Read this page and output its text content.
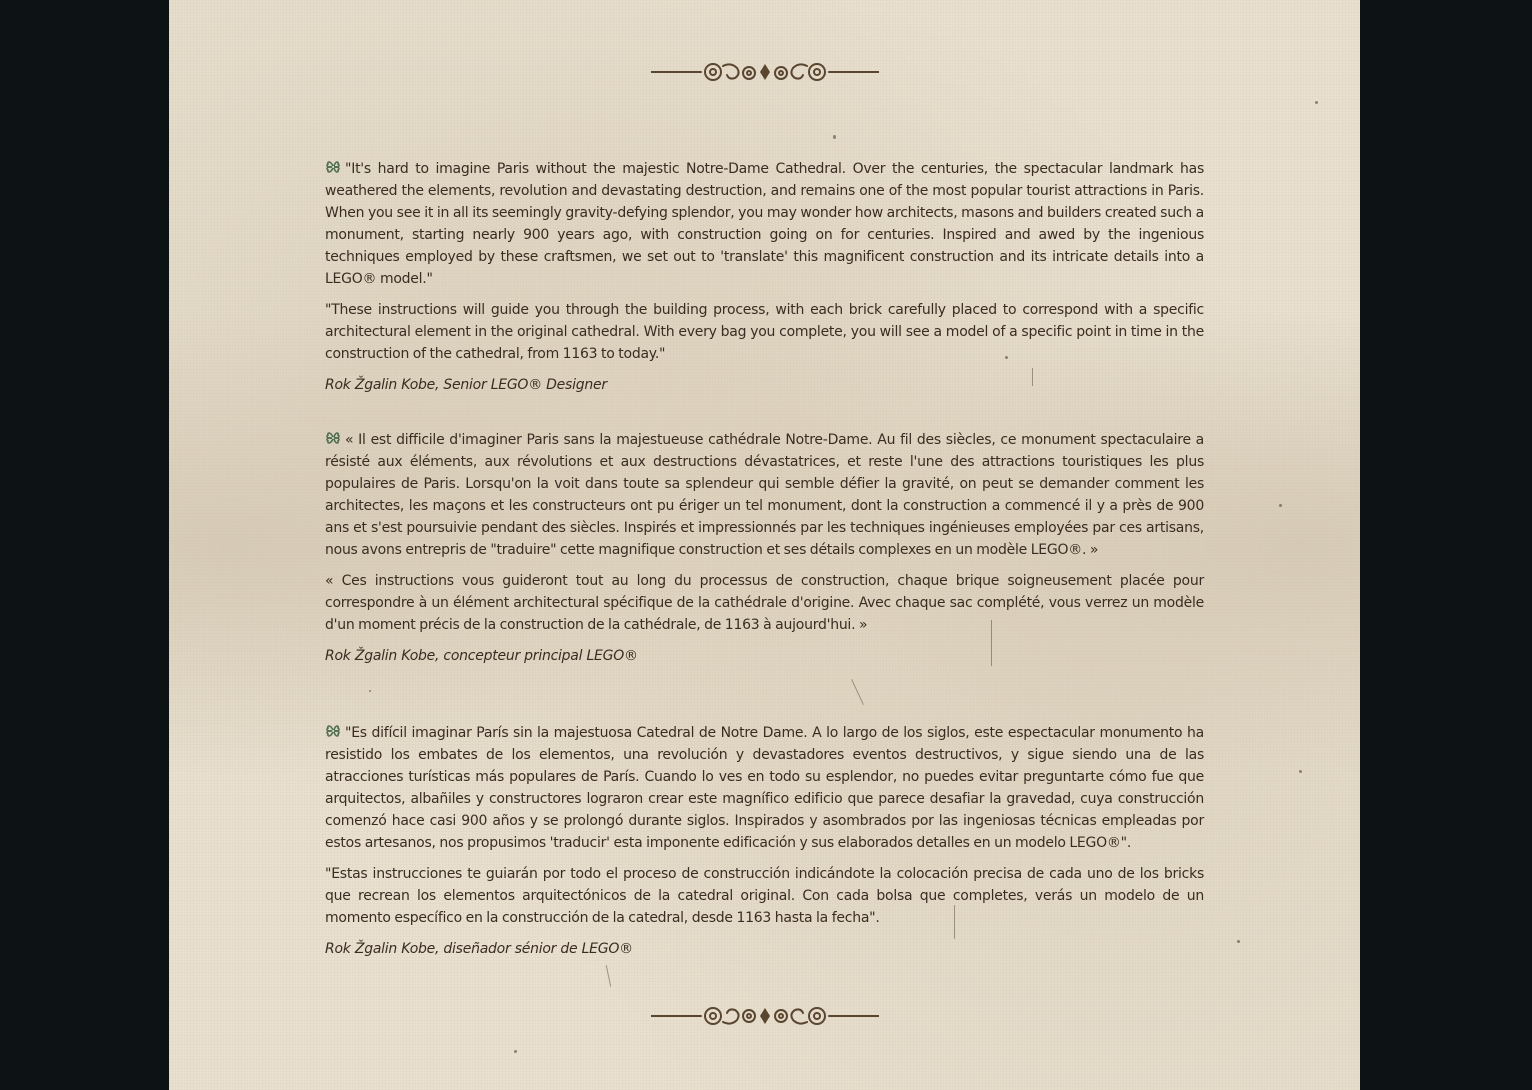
"It's hard to imagine Paris without the majestic Notre-Dame Cathedral. Over the centuries, the spectacular landmark has weathered the elements, revolution and devastating destruction, and remains one of the most popular tourist attractions in Paris. When you see it in all its seemingly gravity-defying splendor, you may wonder how architects, masons and builders created such a monument, starting nearly 900 years ago, with construction going on for centuries. Inspired and awed by the ingenious techniques employed by these craftsmen, we set out to 'translate' this magnificent construction and its intricate details into a LEGO® model."

"These instructions will guide you through the building process, with each brick carefully placed to correspond with a specific architectural element in the original cathedral. With every bag you complete, you will see a model of a specific point in time in the construction of the cathedral, from 1163 to today."

Rok Žgalin Kobe, Senior LEGO® Designer

« Il est difficile d'imaginer Paris sans la majestueuse cathédrale Notre-Dame. Au fil des siècles, ce monument spectaculaire a résisté aux éléments, aux révolutions et aux destructions dévastatrices, et reste l'une des attractions touristiques les plus populaires de Paris. Lorsqu'on la voit dans toute sa splendeur qui semble défier la gravité, on peut se demander comment les architectes, les maçons et les constructeurs ont pu ériger un tel monument, dont la construction a commencé il y a près de 900 ans et s'est poursuivie pendant des siècles. Inspirés et impressionnés par les techniques ingénieuses employées par ces artisans, nous avons entrepris de "traduire" cette magnifique construction et ses détails complexes en un modèle LEGO®. »

« Ces instructions vous guideront tout au long du processus de construction, chaque brique soigneusement placée pour correspondre à un élément architectural spécifique de la cathédrale d'origine. Avec chaque sac complété, vous verrez un modèle d'un moment précis de la construction de la cathédrale, de 1163 à aujourd'hui. »

Rok Žgalin Kobe, concepteur principal LEGO®

"Es difícil imaginar París sin la majestuosa Catedral de Notre Dame. A lo largo de los siglos, este espectacular monumento ha resistido los embates de los elementos, una revolución y devastadores eventos destructivos, y sigue siendo una de las atracciones turísticas más populares de París. Cuando lo ves en todo su esplendor, no puedes evitar preguntarte cómo fue que arquitectos, albañiles y constructores lograron crear este magnífico edificio que parece desafiar la gravedad, cuya construcción comenzó hace casi 900 años y se prolongó durante siglos. Inspirados y asombrados por las ingeniosas técnicas empleadas por estos artesanos, nos propusimos 'traducir' esta imponente edificación y sus elaborados detalles en un modelo LEGO®".

"Estas instrucciones te guiarán por todo el proceso de construcción indicándote la colocación precisa de cada uno de los bricks que recrean los elementos arquitectónicos de la catedral original. Con cada bolsa que completes, verás un modelo de un momento específico en la construcción de la catedral, desde 1163 hasta la fecha".

Rok Žgalin Kobe, diseñador sénior de LEGO®
